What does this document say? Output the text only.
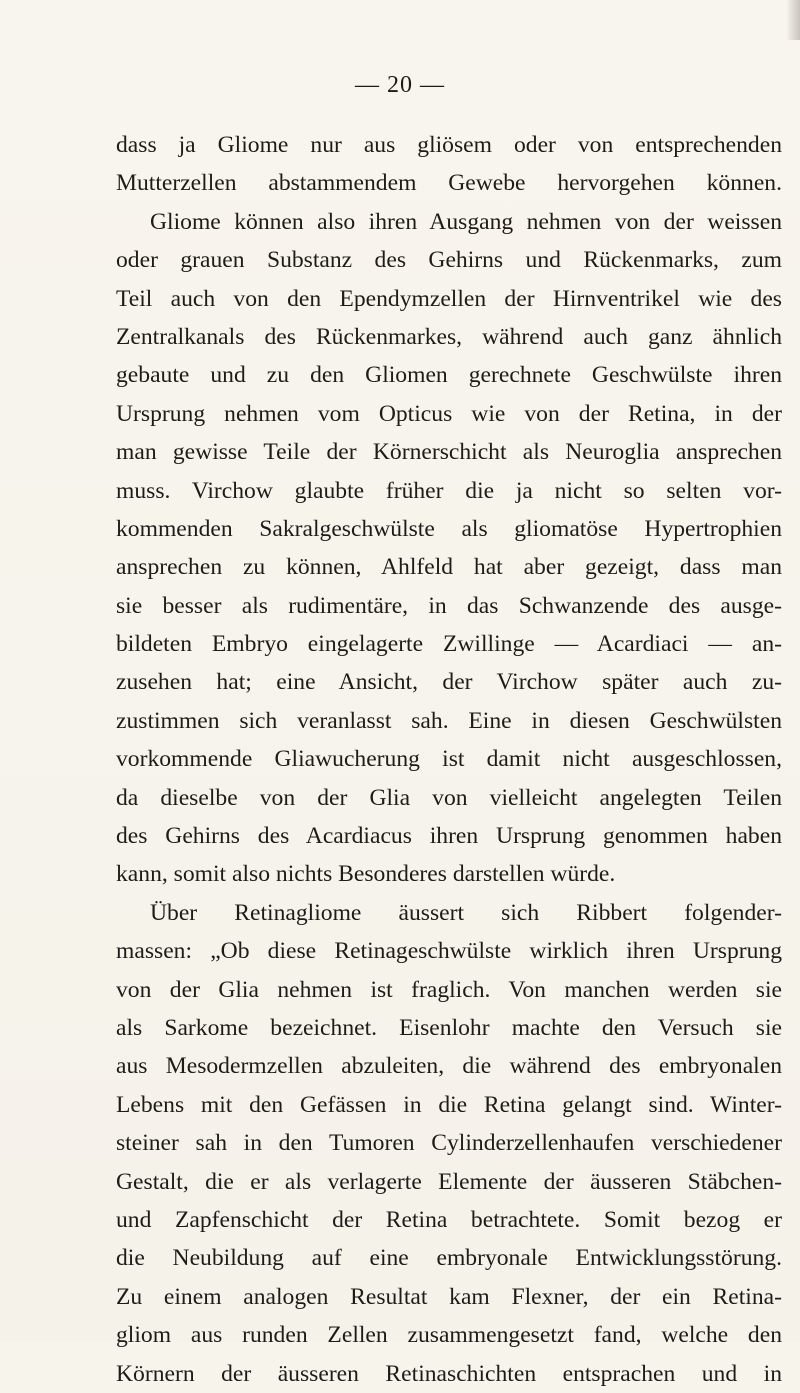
— 20 —
dass ja Gliome nur aus gliösem oder von entsprechenden
Mutterzellen abstammendem Gewebe hervorgehen können.
Gliome können also ihren Ausgang nehmen von der weissen
oder grauen Substanz des Gehirns und Rückenmarks, zum
Teil auch von den Ependymzellen der Hirnventrikel wie des
Zentralkanals des Rückenmarkes, während auch ganz ähnlich
gebaute und zu den Gliomen gerechnete Geschwülste ihren
Ursprung nehmen vom Opticus wie von der Retina, in der
man gewisse Teile der Körnerschicht als Neuroglia ansprechen
muss. Virchow glaubte früher die ja nicht so selten vor-
kommenden Sakralgeschwülste als gliomatöse Hypertrophien
ansprechen zu können, Ahlfeld hat aber gezeigt, dass man
sie besser als rudimentäre, in das Schwanzende des ausge-
bildeten Embryo eingelagerte Zwillinge — Acardiaci — an-
zusehen hat; eine Ansicht, der Virchow später auch zu-
zustimmen sich veranlasst sah. Eine in diesen Geschwülsten
vorkommende Gliawucherung ist damit nicht ausgeschlossen,
da dieselbe von der Glia von vielleicht angelegten Teilen
des Gehirns des Acardiacus ihren Ursprung genommen haben
kann, somit also nichts Besonderes darstellen würde.
Über Retinagliome äussert sich Ribbert folgender-
massen: „Ob diese Retinageschwülste wirklich ihren Ursprung
von der Glia nehmen ist fraglich. Von manchen werden sie
als Sarkome bezeichnet. Eisenlohr machte den Versuch sie
aus Mesodermzellen abzuleiten, die während des embryonalen
Lebens mit den Gefässen in die Retina gelangt sind. Winter-
steiner sah in den Tumoren Cylinderzellenhaufen verschiedener
Gestalt, die er als verlagerte Elemente der äusseren Stäbchen-
und Zapfenschicht der Retina betrachtete. Somit bezog er
die Neubildung auf eine embryonale Entwicklungsstörung.
Zu einem analogen Resultat kam Flexner, der ein Retina-
gliom aus runden Zellen zusammengesetzt fand, welche den
Körnern der äusseren Retinaschichten entsprachen und in
